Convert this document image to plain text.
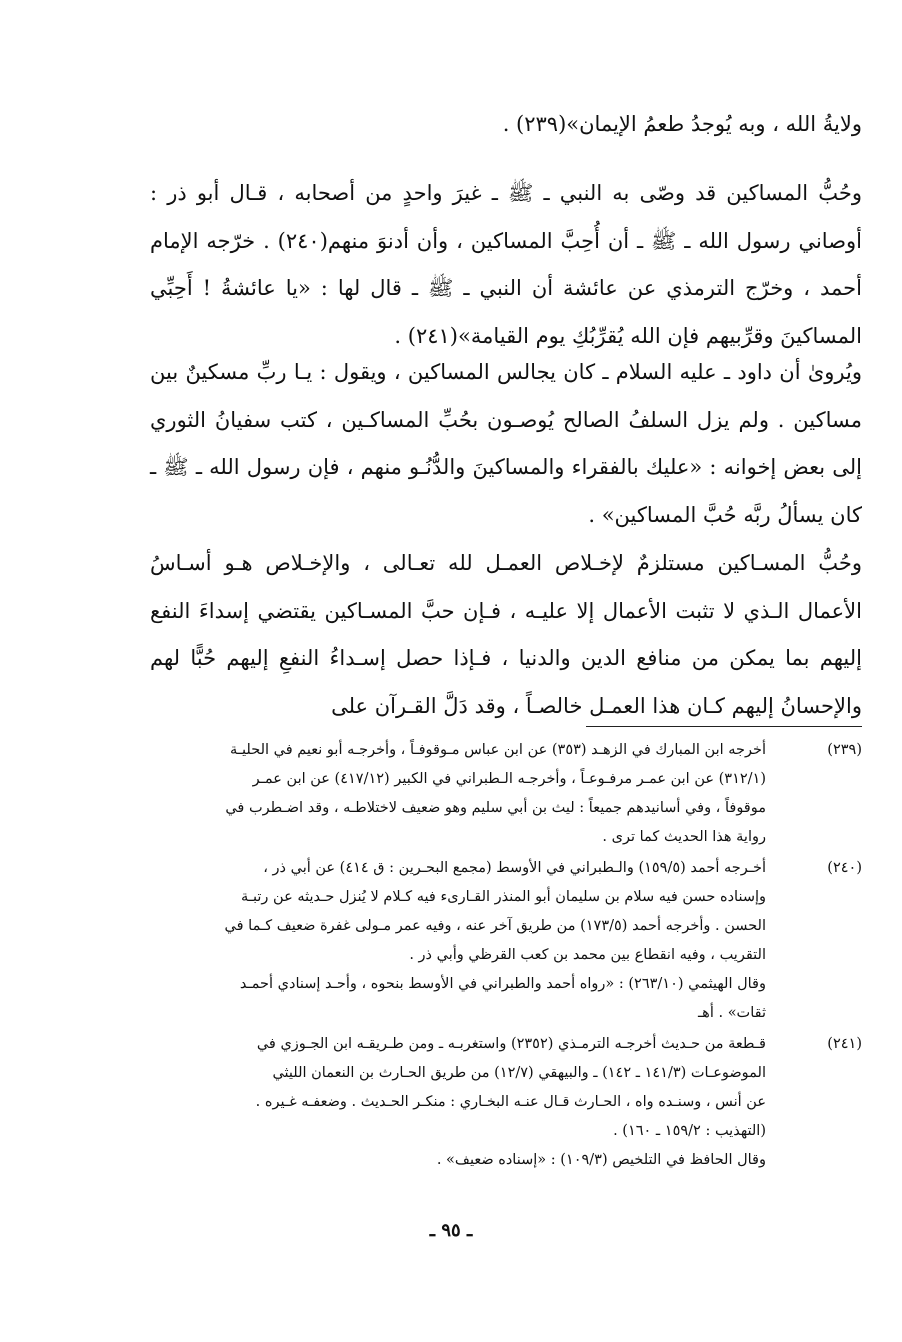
ولايةُ الله ، وبه يُوجدُ طعمُ الإيمان»(٢٣٩) .

وحُبُّ المساكين قد وصّى به النبي ـ ﷺ ـ غيرَ واحدٍ من أصحابه ، قـال أبو ذر : أوصاني رسول الله ـ ﷺ ـ أن أُحِبَّ المساكين ، وأن أدنوَ منهم(٢٤٠) . خرّجه الإمام أحمد ، وخرّج الترمذي عن عائشة أن النبي ـ ﷺ ـ قال لها : «يا عائشةُ ! أَحِبِّي المساكينَ وقرِّبيهم فإن الله يُقرِّبُكِ يوم القيامة»(٢٤١) .

ويُروىٰ أن داود ـ عليه السلام ـ كان يجالس المساكين ، ويقول : يـا ربِّ مسكينٌ بين مساكين . ولم يزل السلفُ الصالح يُوصـون بحُبِّ المساكـين ، كتب سفيانُ الثوري إلى بعض إخوانه : «عليك بالفقراء والمساكينَ والدُّنُـو منهم ، فإن رسول الله ـ ﷺ ـ كان يسألُ ربَّه حُبَّ المساكين» .

وحُبُّ المسـاكين مستلزمٌ لإخـلاص العمـل لله تعـالى ، والإخـلاص هـو أسـاسُ الأعمال الـذي لا تثبت الأعمال إلا عليـه ، فـإن حبَّ المسـاكين يقتضي إسداءَ النفع إليهم بما يمكن من منافع الدين والدنيا ، فـإذا حصل إسـداءُ النفعِ إليهم حُبًّا لهم والإحسانُ إليهم كـان هذا العمـل خالصـاً ، وقد دَلَّ القـرآن على

(٢٣٩)
أخرجه ابن المبارك في الزهـد (٣٥٣) عن ابن عباس مـوقوفـاً ، وأخرجـه أبو نعيم في الحليـة
(٣١٢/١) عن ابن عمـر مرفـوعـاً ، وأخرجـه الـطبراني في الكبير (٤١٧/١٢) عن ابن عمـر
موقوفاً ، وفي أسانيدهم جميعاً : ليث بن أبي سليم وهو ضعيف لاختلاطـه ، وقد اضـطرب في
رواية هذا الحديث كما ترى .
(٢٤٠)
أخـرجه أحمد (١٥٩/٥) والـطبراني في الأوسط (مجمع البحـرين : ق ٤١٤) عن أبي ذر ،
وإسناده حسن فيه سلام بن سليمان أبو المنذر القـارىء فيه كـلام لا يُنزل حـديثه عن رتبـة
الحسن . وأخرجه أحمد (١٧٣/٥) من طريق آخر عنه ، وفيه عمر مـولى غفرة ضعيف كـما في
التقريب ، وفيه انقطاع بين محمد بن كعب القرظي وأبي ذر .
وقال الهيثمي (٢٦٣/١٠) : «رواه أحمد والطبراني في الأوسط بنحوه ، وأحـد إسنادي أحمـد
ثقات» . أهـ
(٢٤١)
قـطعة من حـديث أخرجـه الترمـذي (٢٣٥٢) واستغربـه ـ ومن طـريقـه ابن الجـوزي في
الموضوعـات (١٤١/٣ ـ ١٤٢) ـ والبيهقي (١٢/٧) من طريق الحـارث بن النعمان الليثي
عن أنس ، وسنـده واه ، الحـارث قـال عنـه البخـاري : منكـر الحـديث . وضعفـه غـيره .
(التهذيب : ١٥٩/٢ ـ ١٦٠) .
وقال الحافظ في التلخيص (١٠٩/٣) : «إسناده ضعيف» .
ـ ٩٥ ـ
